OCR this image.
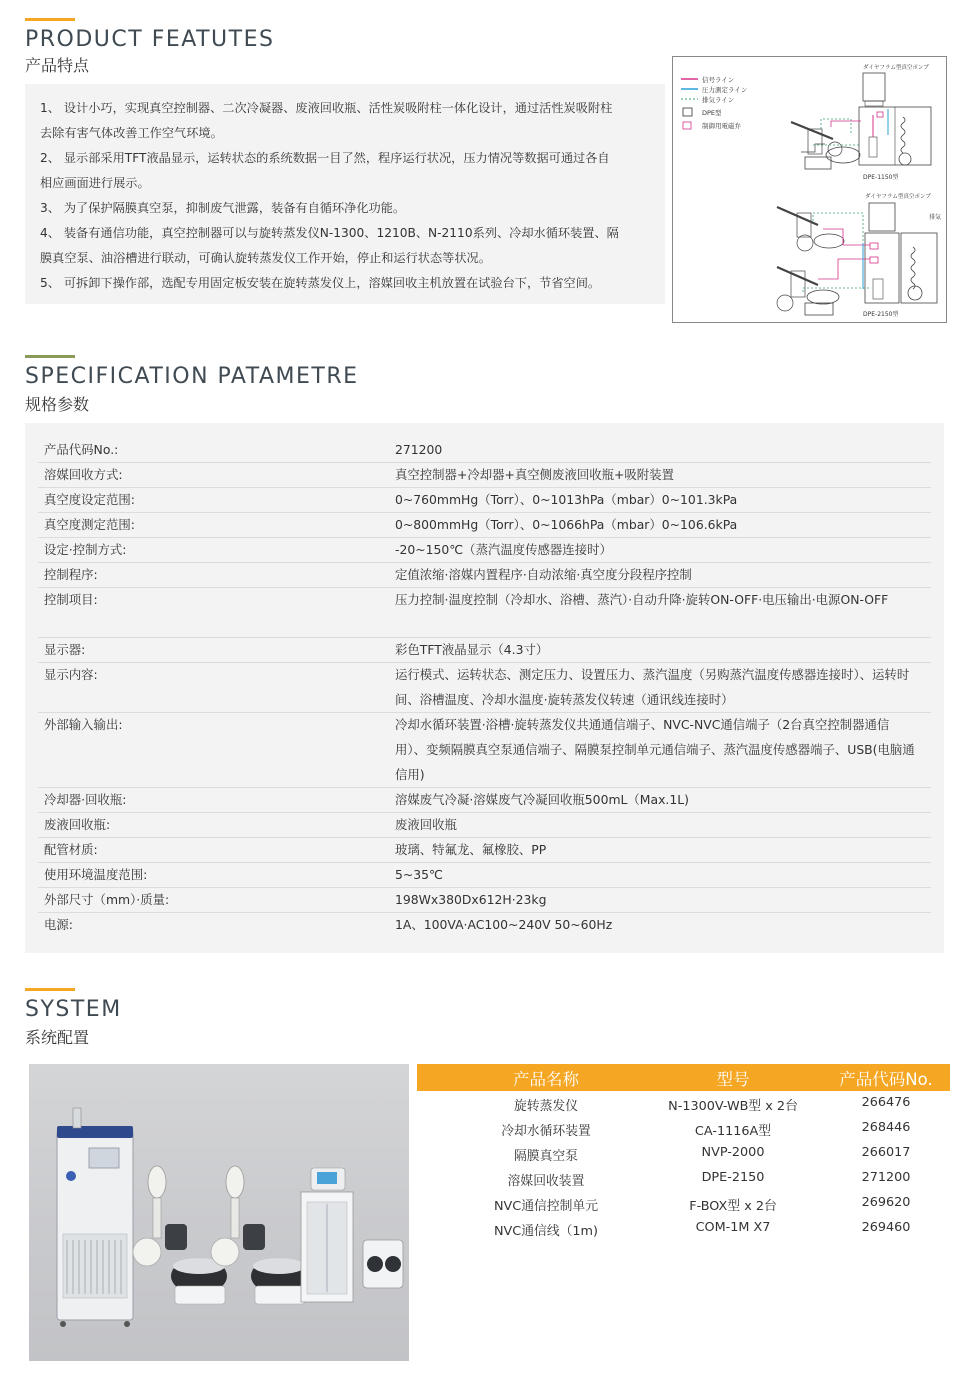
PRODUCT FEATUTES
产品特点

1、 设计小巧，实现真空控制器、二次冷凝器、废液回收瓶、活性炭吸附柱一体化设计，通过活性炭吸附柱

去除有害气体改善工作空气环境。

2、 显示部采用TFT液晶显示，运转状态的系统数据一目了然，程序运行状况，压力情况等数据可通过各自

相应画面进行展示。

3、 为了保护隔膜真空泵，抑制废气泄露，装备有自循环净化功能。

4、 装备有通信功能，真空控制器可以与旋转蒸发仪N-1300、1210B、N-2110系列、冷却水循环装置、隔

膜真空泵、油浴槽进行联动，可确认旋转蒸发仪工作开始，停止和运行状态等状况。

5、 可拆卸下操作部，选配专用固定板安装在旋转蒸发仪上，溶媒回收主机放置在试验台下，节省空间。

信号ライン
圧力測定ライン
排気ライン
DPE型
制御用電磁弁
ダイヤフラム型真空ポンプ
DPE-1150型
ダイヤフラム型真空ポンプ
排気
DPE-2150型
SPECIFICATION PATAMETRE
规格参数
产品代码No.:	271200
溶媒回收方式:	真空控制器+冷却器+真空侧废液回收瓶+吸附装置
真空度设定范围:	0~760mmHg（Torr）、0~1013hPa（mbar）0~101.3kPa
真空度测定范围:	0~800mmHg（Torr）、0~1066hPa（mbar）0~106.6kPa
设定·控制方式:	-20~150℃（蒸汽温度传感器连接时）
控制程序:	定值浓缩·溶媒内置程序·自动浓缩·真空度分段程序控制
控制项目:	压力控制·温度控制（冷却水、浴槽、蒸汽）·自动升降·旋转ON-OFF·电压输出·电源ON-OFF
显示器:	彩色TFT液晶显示（4.3寸）
显示内容:	运行模式、运转状态、测定压力、设置压力、蒸汽温度（另购蒸汽温度传感器连接时）、运转时间、浴槽温度、冷却水温度·旋转蒸发仪转速（通讯线连接时）
外部输入输出:	冷却水循环装置·浴槽·旋转蒸发仪共通通信端子、NVC-NVC通信端子（2台真空控制器通信用）、变频隔膜真空泵通信端子、隔膜泵控制单元通信端子、蒸汽温度传感器端子、USB(电脑通信用)
冷却器·回收瓶:	溶媒废气冷凝·溶媒废气冷凝回收瓶500mL（Max.1L)
废液回收瓶:	废液回收瓶
配管材质:	玻璃、特氟龙、氟橡胶、PP
使用环境温度范围:	5~35℃
外部尺寸（mm）·质量:	198Wx380Dx612H·23kg
电源:	1A、100VA·AC100~240V 50~60Hz
SYSTEM
系统配置
产品名称	型号	产品代码No.
旋转蒸发仪	N-1300V-WB型 x 2台	266476
冷却水循环装置	CA-1116A型	268446
隔膜真空泵	NVP-2000	266017
溶媒回收装置	DPE-2150	271200
NVC通信控制单元	F-BOX型 x 2台	269620
NVC通信线（1m)	COM-1M X7	269460
